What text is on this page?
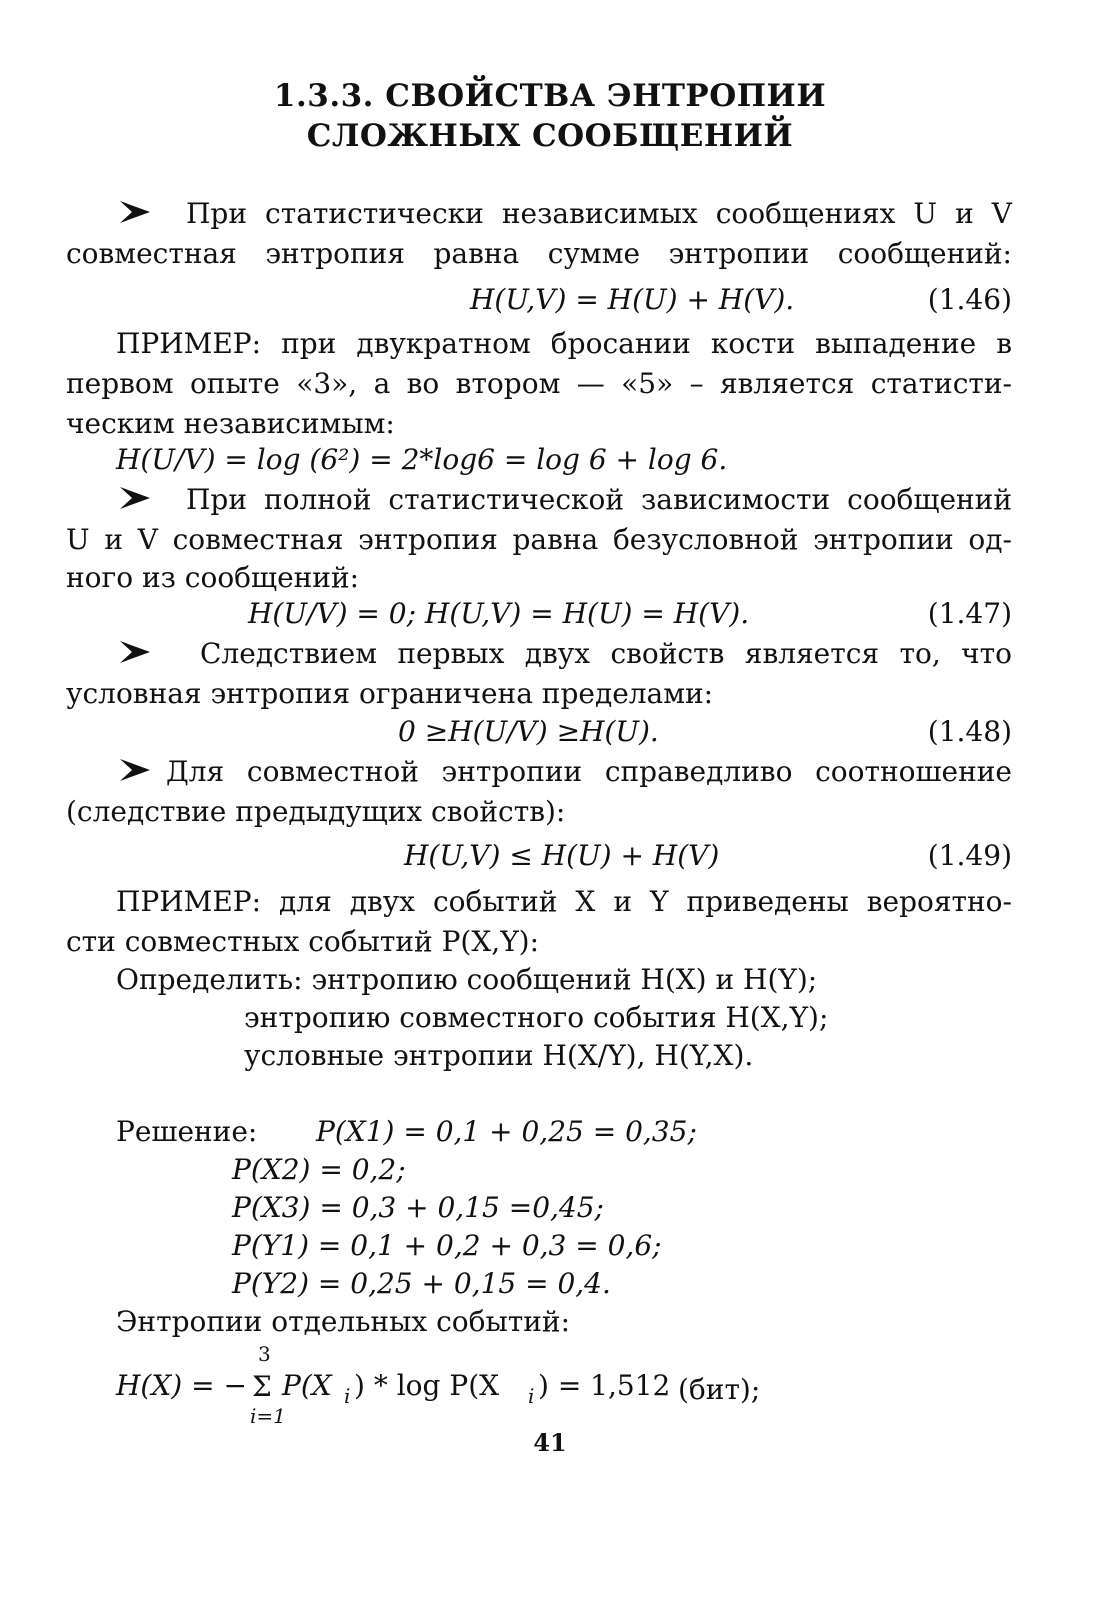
1.3.3. СВОЙСТВА ЭНТРОПИИ
СЛОЖНЫХ СООБЩЕНИЙ
При статистически независимых сообщениях U и V
совместная энтропия равна сумме энтропии сообщений:
H(U,V) = H(U) + H(V).	(1.46)
ПРИМЕР: при двукратном бросании кости выпадение в
первом опыте «3», а во втором — «5» – является статисти-
ческим независимым:
H(U/V) = log (6²) = 2*log6 = log 6 + log 6.
При полной статистической зависимости сообщений
U и V совместная энтропия равна безусловной энтропии од-
ного из сообщений:
H(U/V) = 0; H(U,V) = H(U) = H(V).	(1.47)
Следствием первых двух свойств является то, что
условная энтропия ограничена пределами:
0 ≥H(U/V) ≥H(U).	(1.48)
Для совместной энтропии справедливо соотношение
(следствие предыдущих свойств):
H(U,V) ≤ H(U) + H(V)	(1.49)
ПРИМЕР: для двух событий X и Y приведены вероятно-
сти совместных событий P(X,Y):
Определить: энтропию сообщений H(X) и H(Y);
энтропию совместного события H(X,Y);
условные энтропии H(X/Y), H(Y,X).
Решение:	P(X1) = 0,1 + 0,25 = 0,35;
P(X2) = 0,2;
P(X3) = 0,3 + 0,15 =0,45;
P(Y1) = 0,1 + 0,2 + 0,3 = 0,6;
P(Y2) = 0,25 + 0,15 = 0,4.
Энтропии отдельных событий:
3
H(X) = − Σ
i=1
P(X i ) * log P(X i ) = 1,512 (бит);
41
